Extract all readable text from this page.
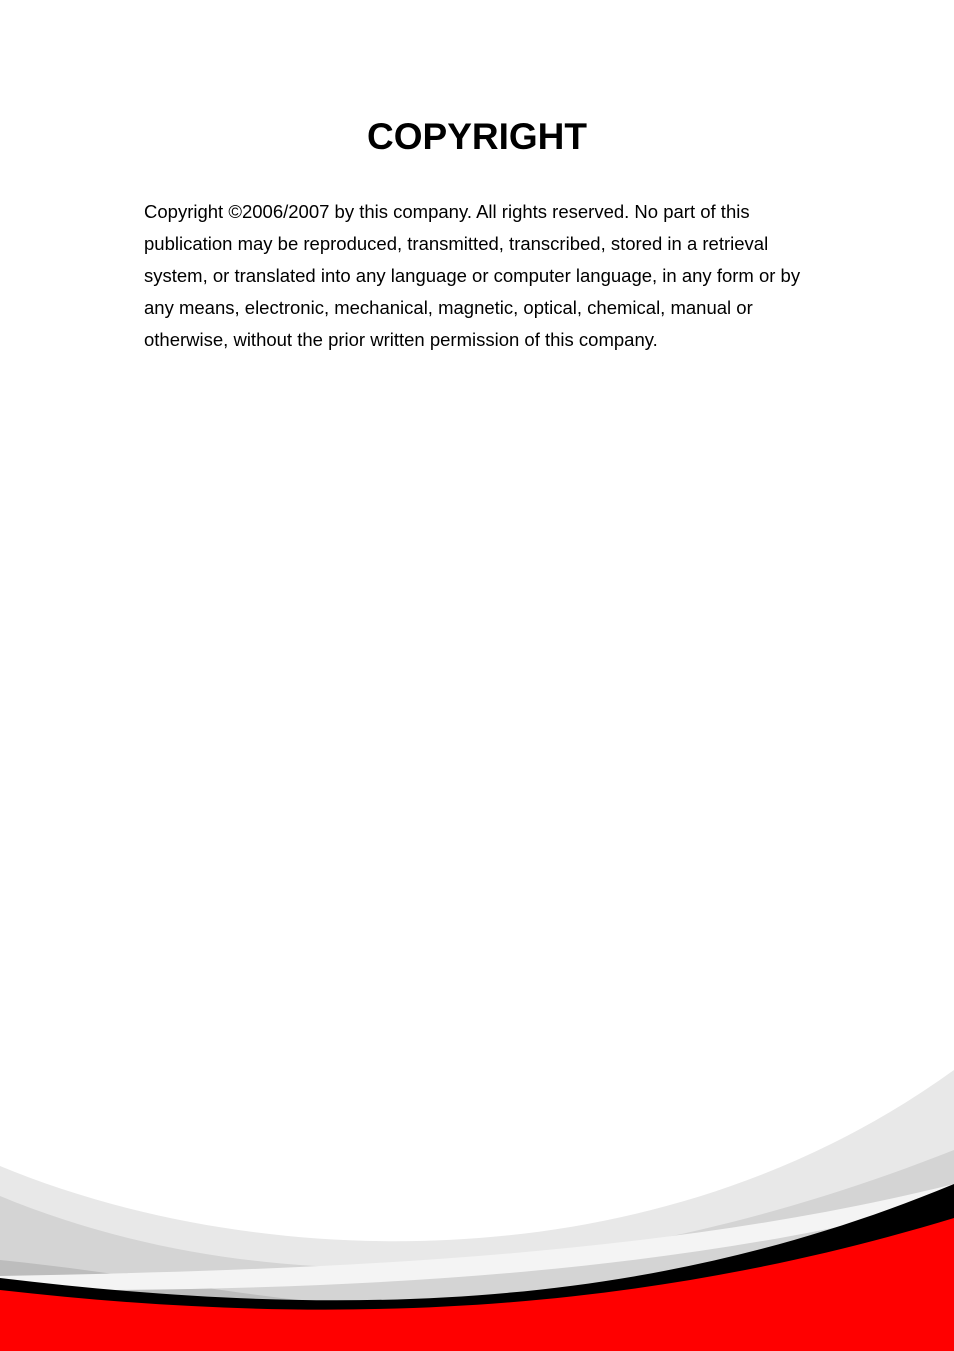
COPYRIGHT

Copyright ©2006/2007 by this company. All rights reserved. No part of this publication may be reproduced, transmitted, transcribed, stored in a retrieval system, or translated into any language or computer language, in any form or by any means, electronic, mechanical, magnetic, optical, chemical, manual or otherwise, without the prior written permission of this company.
